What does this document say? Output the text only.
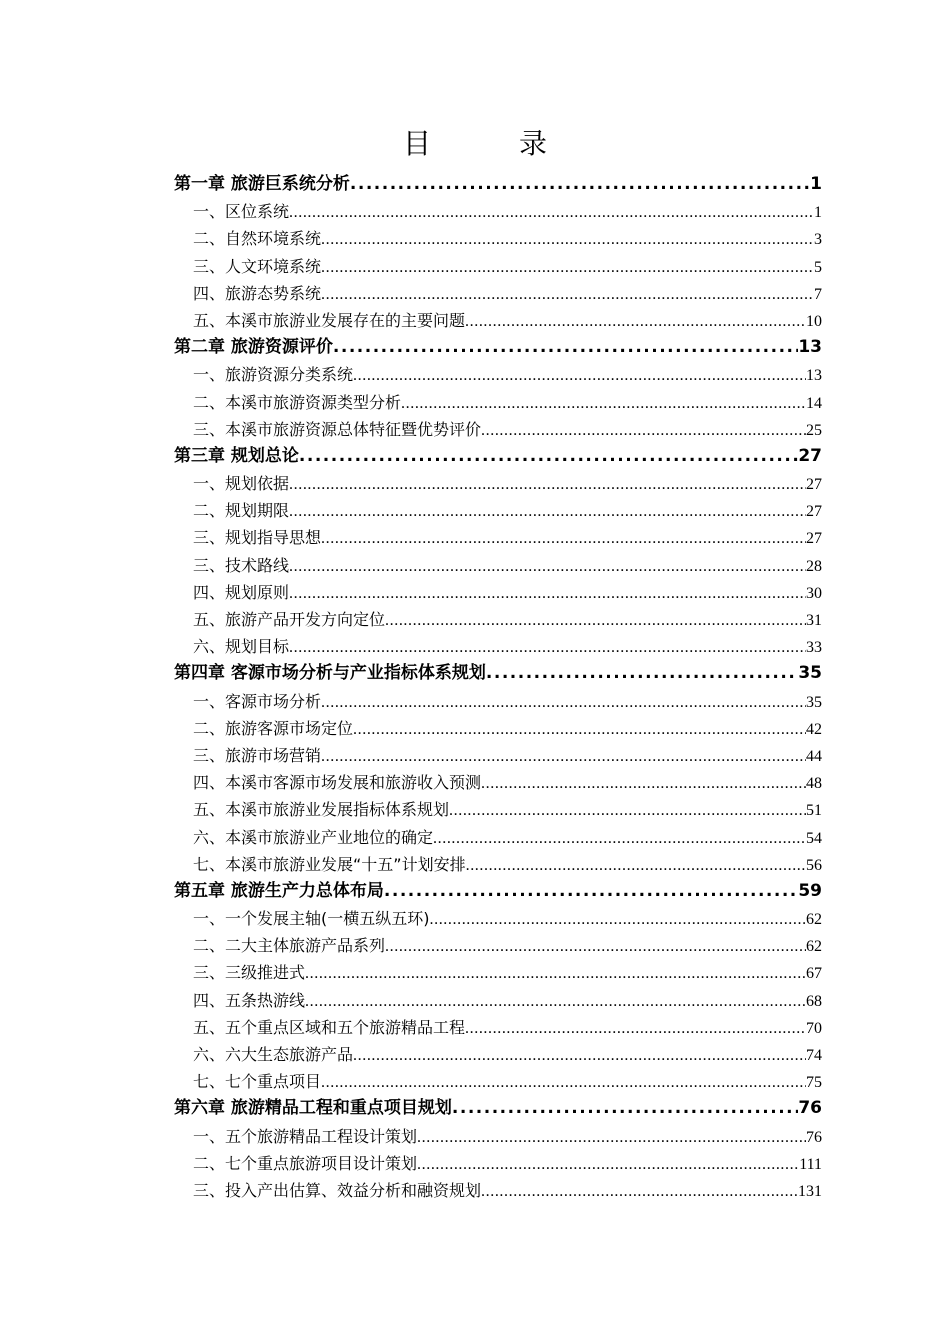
目　录
第一章 旅游巨系统分析 .....	1
一、区位系统 .....	1
二、自然环境系统 .....	3
三、人文环境系统 .....	5
四、旅游态势系统 .....	7
五、本溪市旅游业发展存在的主要问题 .....	10
第二章 旅游资源评价 .....	13
一、旅游资源分类系统 .....	13
二、本溪市旅游资源类型分析 .....	14
三、本溪市旅游资源总体特征暨优势评价 .....	25
第三章 规划总论 .....	27
一、规划依据 .....	27
二、规划期限 .....	27
三、规划指导思想 .....	27
三、技术路线 .....	28
四、规划原则 .....	30
五、旅游产品开发方向定位 .....	31
六、规划目标 .....	33
第四章 客源市场分析与产业指标体系规划 .....	35
一、客源市场分析 .....	35
二、旅游客源市场定位 .....	42
三、旅游市场营销 .....	44
四、本溪市客源市场发展和旅游收入预测 .....	48
五、本溪市旅游业发展指标体系规划 .....	51
六、本溪市旅游业产业地位的确定 .....	54
七、本溪市旅游业发展“十五”计划安排 .....	56
第五章 旅游生产力总体布局 .....	59
一、一个发展主轴(一横五纵五环) .....	62
二、二大主体旅游产品系列 .....	62
三、三级推进式 .....	67
四、五条热游线 .....	68
五、五个重点区域和五个旅游精品工程 .....	70
六、六大生态旅游产品 .....	74
七、七个重点项目 .....	75
第六章 旅游精品工程和重点项目规划 .....	76
一、五个旅游精品工程设计策划 .....	76
二、七个重点旅游项目设计策划 .....	111
三、投入产出估算、效益分析和融资规划 .....	131
